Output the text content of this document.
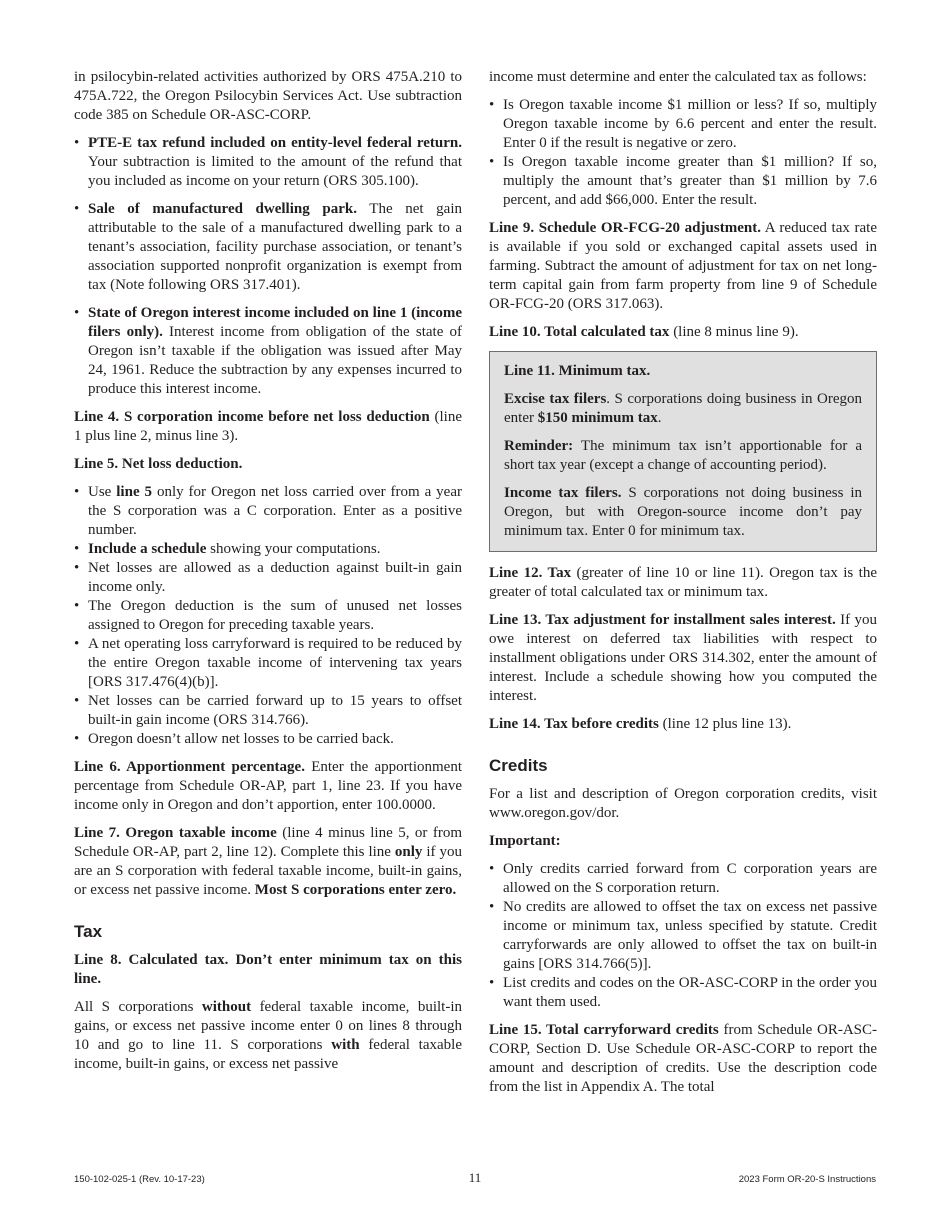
in psilocybin-related activities authorized by ORS 475A.210 to 475A.722, the Oregon Psilocybin Services Act. Use subtraction code 385 on Schedule OR-ASC-CORP.

• PTE-E tax refund included on entity-level federal return. Your subtraction is limited to the amount of the refund that you included as income on your return (ORS 305.100).
• Sale of manufactured dwelling park. The net gain attributable to the sale of a manufactured dwelling park to a tenant’s association, facility purchase association, or tenant’s association supported nonprofit organization is exempt from tax (Note following ORS 317.401).
• State of Oregon interest income included on line 1 (income filers only). Interest income from obligation of the state of Oregon isn’t taxable if the obligation was issued after May 24, 1961. Reduce the subtraction by any expenses incurred to produce this interest income.

Line 4. S corporation income before net loss deduction (line 1 plus line 2, minus line 3).

Line 5. Net loss deduction.

• Use line 5 only for Oregon net loss carried over from a year the S corporation was a C corporation. Enter as a positive number.
• Include a schedule showing your computations.
• Net losses are allowed as a deduction against built-in gain income only.
• The Oregon deduction is the sum of unused net losses assigned to Oregon for preceding taxable years.
• A net operating loss carryforward is required to be reduced by the entire Oregon taxable income of intervening tax years [ORS 317.476(4)(b)].
• Net losses can be carried forward up to 15 years to offset built-in gain income (ORS 314.766).
• Oregon doesn’t allow net losses to be carried back.

Line 6. Apportionment percentage. Enter the apportionment percentage from Schedule OR-AP, part 1, line 23. If you have income only in Oregon and don’t apportion, enter 100.0000.

Line 7. Oregon taxable income (line 4 minus line 5, or from Schedule OR-AP, part 2, line 12). Complete this line only if you are an S corporation with federal taxable income, built-in gains, or excess net passive income. Most S corporations enter zero.

Tax

Line 8. Calculated tax. Don’t enter minimum tax on this line.

All S corporations without federal taxable income, built-in gains, or excess net passive income enter 0 on lines 8 through 10 and go to line 11. S corporations with federal taxable income, built-in gains, or excess net passive

income must determine and enter the calculated tax as follows:

• Is Oregon taxable income $1 million or less? If so, multiply Oregon taxable income by 6.6 percent and enter the result. Enter 0 if the result is negative or zero.
• Is Oregon taxable income greater than $1 million? If so, multiply the amount that’s greater than $1 million by 7.6 percent, and add $66,000. Enter the result.

Line 9. Schedule OR-FCG-20 adjustment. A reduced tax rate is available if you sold or exchanged capital assets used in farming. Subtract the amount of adjustment for tax on net long-term capital gain from farm property from line 9 of Schedule OR-FCG-20 (ORS 317.063).

Line 10. Total calculated tax (line 8 minus line 9).

Line 11. Minimum tax.

Excise tax filers. S corporations doing business in Oregon enter $150 minimum tax.

Reminder: The minimum tax isn’t apportionable for a short tax year (except a change of accounting period).

Income tax filers. S corporations not doing business in Oregon, but with Oregon-source income don’t pay minimum tax. Enter 0 for minimum tax.

Line 12. Tax (greater of line 10 or line 11). Oregon tax is the greater of total calculated tax or minimum tax.

Line 13. Tax adjustment for installment sales interest. If you owe interest on deferred tax liabilities with respect to installment obligations under ORS 314.302, enter the amount of interest. Include a schedule showing how you computed the interest.

Line 14. Tax before credits (line 12 plus line 13).

Credits

For a list and description of Oregon corporation credits, visit www.oregon.gov/dor.

Important:

• Only credits carried forward from C corporation years are allowed on the S corporation return.
• No credits are allowed to offset the tax on excess net passive income or minimum tax, unless specified by statute. Credit carryforwards are only allowed to offset the tax on built-in gains [ORS 314.766(5)].
• List credits and codes on the OR-ASC-CORP in the order you want them used.

Line 15. Total carryforward credits from Schedule OR-ASC-CORP, Section D. Use Schedule OR-ASC-CORP to report the amount and description of credits. Use the description code from the list in Appendix A. The total

150-102-025-1 (Rev. 10-17-23)	11	2023 Form OR-20-S Instructions
